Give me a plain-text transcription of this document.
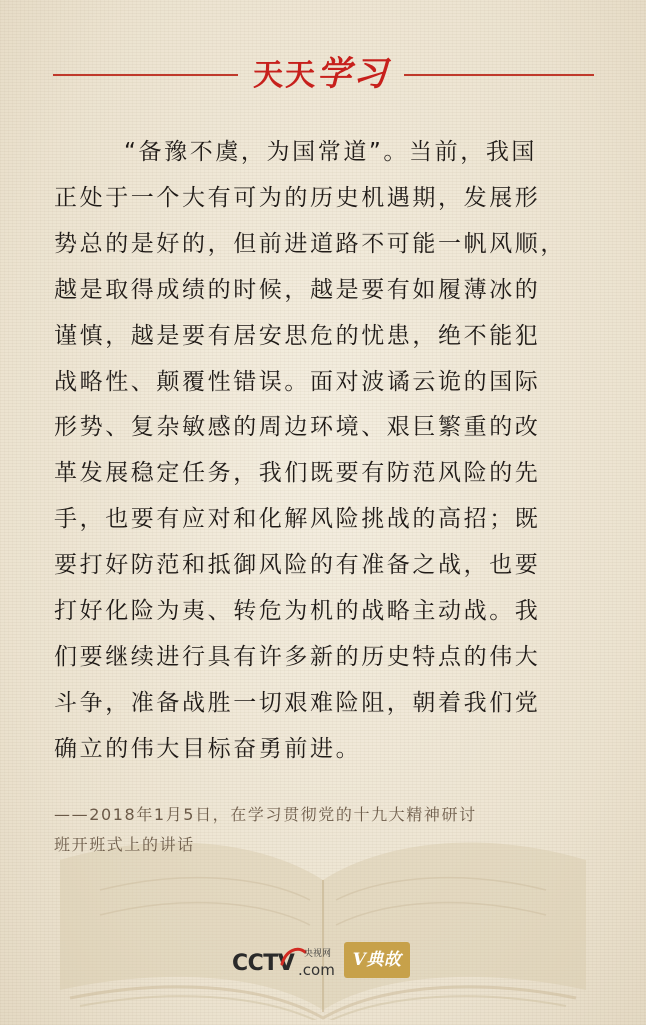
天天学习
“备豫不虞，为国常道”。当前，我国
正处于一个大有可为的历史机遇期，发展形
势总的是好的，但前进道路不可能一帆风顺，
越是取得成绩的时候，越是要有如履薄冰的
谨慎，越是要有居安思危的忧患，绝不能犯
战略性、颠覆性错误。面对波谲云诡的国际
形势、复杂敏感的周边环境、艰巨繁重的改
革发展稳定任务，我们既要有防范风险的先
手，也要有应对和化解风险挑战的高招；既
要打好防范和抵御风险的有准备之战，也要
打好化险为夷、转危为机的战略主动战。我
们要继续进行具有许多新的历史特点的伟大
斗争，准备战胜一切艰难险阻，朝着我们党
确立的伟大目标奋勇前进。
——2018年1月5日，在学习贯彻党的十九大精神研讨
班开班式上的讲话
CCTV 央视网
.com	V典故
